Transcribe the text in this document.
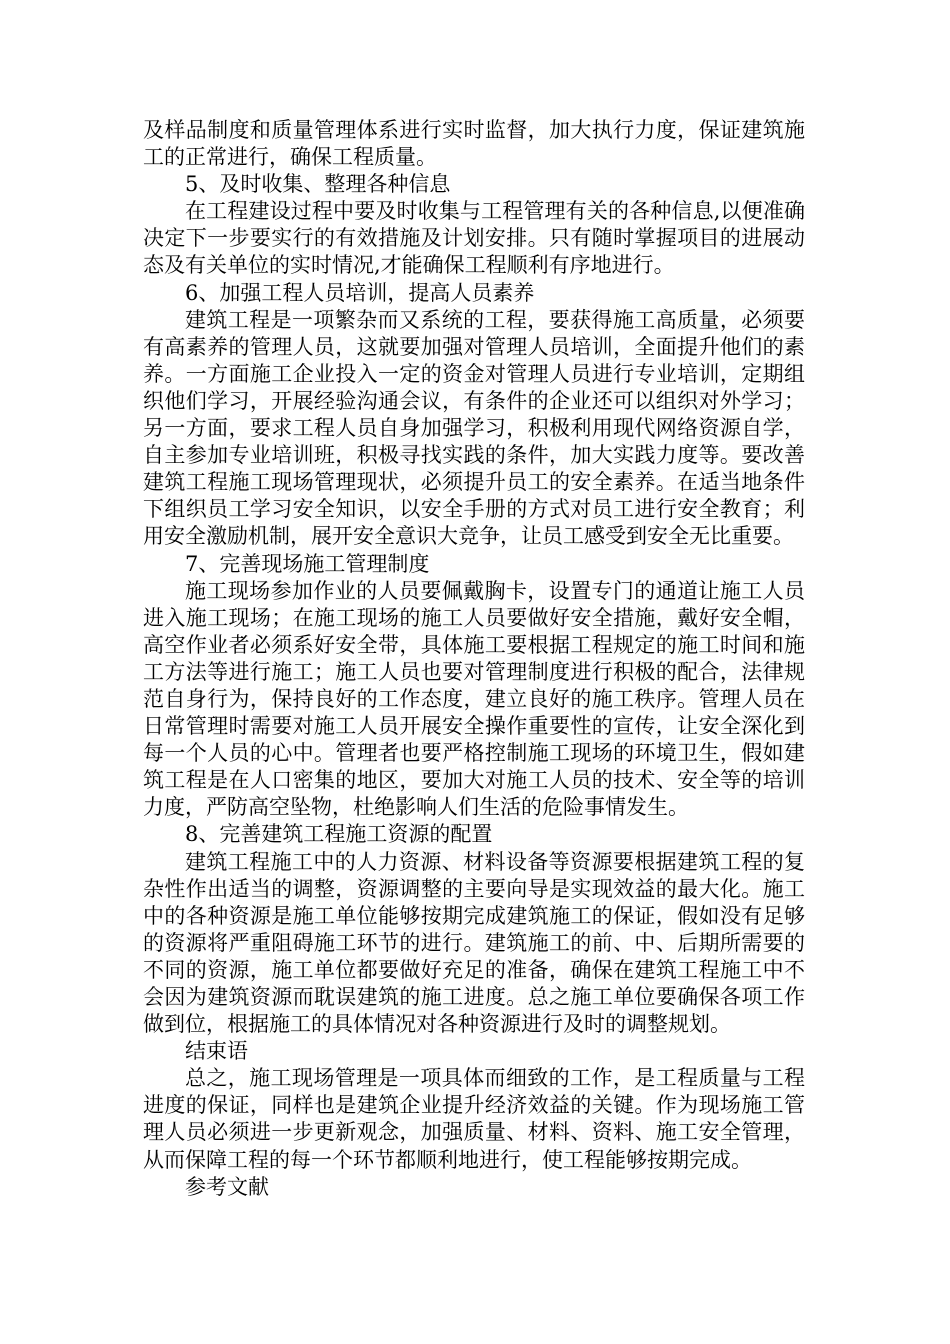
及样品制度和质量管理体系进行实时监督，加大执行力度，保证建筑施工的正常进行，确保工程质量。

5、及时收集、整理各种信息

在工程建设过程中要及时收集与工程管理有关的各种信息,以便准确决定下一步要实行的有效措施及计划安排。只有随时掌握项目的进展动态及有关单位的实时情况,才能确保工程顺利有序地进行。

6、加强工程人员培训，提高人员素养

建筑工程是一项繁杂而又系统的工程，要获得施工高质量，必须要有高素养的管理人员，这就要加强对管理人员培训，全面提升他们的素养。一方面施工企业投入一定的资金对管理人员进行专业培训，定期组织他们学习，开展经验沟通会议，有条件的企业还可以组织对外学习；另一方面，要求工程人员自身加强学习，积极利用现代网络资源自学，自主参加专业培训班，积极寻找实践的条件，加大实践力度等。要改善建筑工程施工现场管理现状，必须提升员工的安全素养。在适当地条件下组织员工学习安全知识，以安全手册的方式对员工进行安全教育；利用安全激励机制，展开安全意识大竞争，让员工感受到安全无比重要。

7、完善现场施工管理制度

施工现场参加作业的人员要佩戴胸卡，设置专门的通道让施工人员进入施工现场；在施工现场的施工人员要做好安全措施，戴好安全帽，高空作业者必须系好安全带，具体施工要根据工程规定的施工时间和施工方法等进行施工；施工人员也要对管理制度进行积极的配合，法律规范自身行为，保持良好的工作态度，建立良好的施工秩序。管理人员在日常管理时需要对施工人员开展安全操作重要性的宣传，让安全深化到每一个人员的心中。管理者也要严格控制施工现场的环境卫生，假如建筑工程是在人口密集的地区，要加大对施工人员的技术、安全等的培训力度，严防高空坠物，杜绝影响人们生活的危险事情发生。

8、完善建筑工程施工资源的配置

建筑工程施工中的人力资源、材料设备等资源要根据建筑工程的复杂性作出适当的调整，资源调整的主要向导是实现效益的最大化。施工中的各种资源是施工单位能够按期完成建筑施工的保证，假如没有足够的资源将严重阻碍施工环节的进行。建筑施工的前、中、后期所需要的不同的资源，施工单位都要做好充足的准备，确保在建筑工程施工中不会因为建筑资源而耽误建筑的施工进度。总之施工单位要确保各项工作做到位，根据施工的具体情况对各种资源进行及时的调整规划。

结束语

总之，施工现场管理是一项具体而细致的工作，是工程质量与工程进度的保证，同样也是建筑企业提升经济效益的关键。作为现场施工管理人员必须进一步更新观念，加强质量、材料、资料、施工安全管理，从而保障工程的每一个环节都顺利地进行，使工程能够按期完成。

参考文献
